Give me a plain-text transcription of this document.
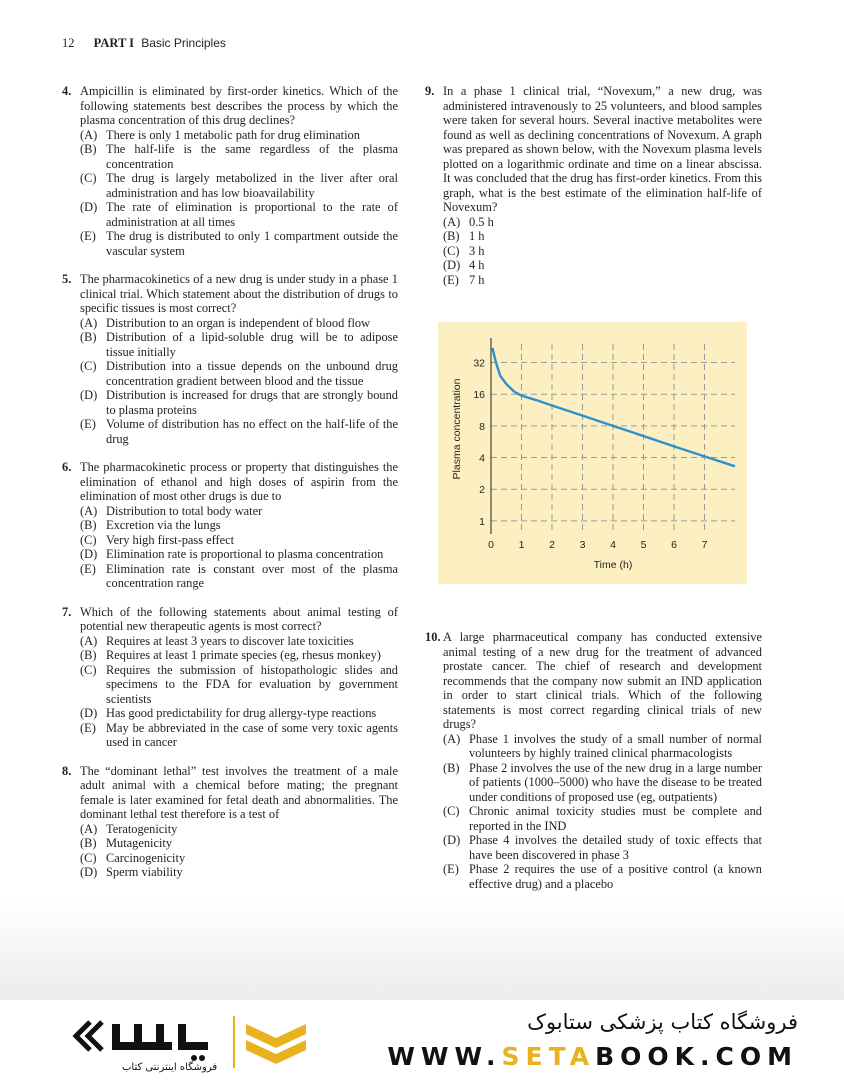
12 PART I Basic Principles
4. Ampicillin is eliminated by first-order kinetics. Which of the following statements best describes the process by which the plasma concentration of this drug declines?
(A) There is only 1 metabolic path for drug elimination
(B) The half-life is the same regardless of the plasma concentration
(C) The drug is largely metabolized in the liver after oral administration and has low bioavailability
(D) The rate of elimination is proportional to the rate of administration at all times
(E) The drug is distributed to only 1 compartment outside the vascular system
5. The pharmacokinetics of a new drug is under study in a phase 1 clinical trial. Which statement about the distribution of drugs to specific tissues is most correct?
(A) Distribution to an organ is independent of blood flow
(B) Distribution of a lipid-soluble drug will be to adipose tissue initially
(C) Distribution into a tissue depends on the unbound drug concentration gradient between blood and the tissue
(D) Distribution is increased for drugs that are strongly bound to plasma proteins
(E) Volume of distribution has no effect on the half-life of the drug
6. The pharmacokinetic process or property that distinguishes the elimination of ethanol and high doses of aspirin from the elimination of most other drugs is due to
(A) Distribution to total body water
(B) Excretion via the lungs
(C) Very high first-pass effect
(D) Elimination rate is proportional to plasma concentration
(E) Elimination rate is constant over most of the plasma concentration range
7. Which of the following statements about animal testing of potential new therapeutic agents is most correct?
(A) Requires at least 3 years to discover late toxicities
(B) Requires at least 1 primate species (eg, rhesus monkey)
(C) Requires the submission of histopathologic slides and specimens to the FDA for evaluation by government scientists
(D) Has good predictability for drug allergy-type reactions
(E) May be abbreviated in the case of some very toxic agents used in cancer
8. The “dominant lethal” test involves the treatment of a male adult animal with a chemical before mating; the pregnant female is later examined for fetal death and abnormalities. The dominant lethal test therefore is a test of
(A) Teratogenicity
(B) Mutagenicity
(C) Carcinogenicity
(D) Sperm viability
9. In a phase 1 clinical trial, “Novexum,” a new drug, was administered intravenously to 25 volunteers, and blood samples were taken for several hours. Several inactive metabolites were found as well as declining concentrations of Novexum. A graph was prepared as shown below, with the Novexum plasma levels plotted on a logarithmic ordinate and time on a linear abscissa. It was concluded that the drug has first-order kinetics. From this graph, what is the best estimate of the elimination half-life of Novexum?
(A) 0.5 h
(B) 1 h
(C) 3 h
(D) 4 h
(E) 7 h
0 1 2 3 4 5 6 7
1
2
4
8
16
32
Time (h)
Plasma concentration
10. A large pharmaceutical company has conducted extensive animal testing of a new drug for the treatment of advanced prostate cancer. The chief of research and development recommends that the company now submit an IND application in order to start clinical trials. Which of the following statements is most correct regarding clinical trials of new drugs?
(A) Phase 1 involves the study of a small number of normal volunteers by highly trained clinical pharmacologists
(B) Phase 2 involves the use of the new drug in a large number of patients (1000–5000) who have the disease to be treated under conditions of proposed use (eg, outpatients)
(C) Chronic animal toxicity studies must be complete and reported in the IND
(D) Phase 4 involves the detailed study of toxic effects that have been discovered in phase 3
(E) Phase 2 requires the use of a positive control (a known effective drug) and a placebo
فروشگاه اینترنتی کتاب
فروشگاه کتاب پزشکی ستابوک
WWW.SETABOOK.COM
